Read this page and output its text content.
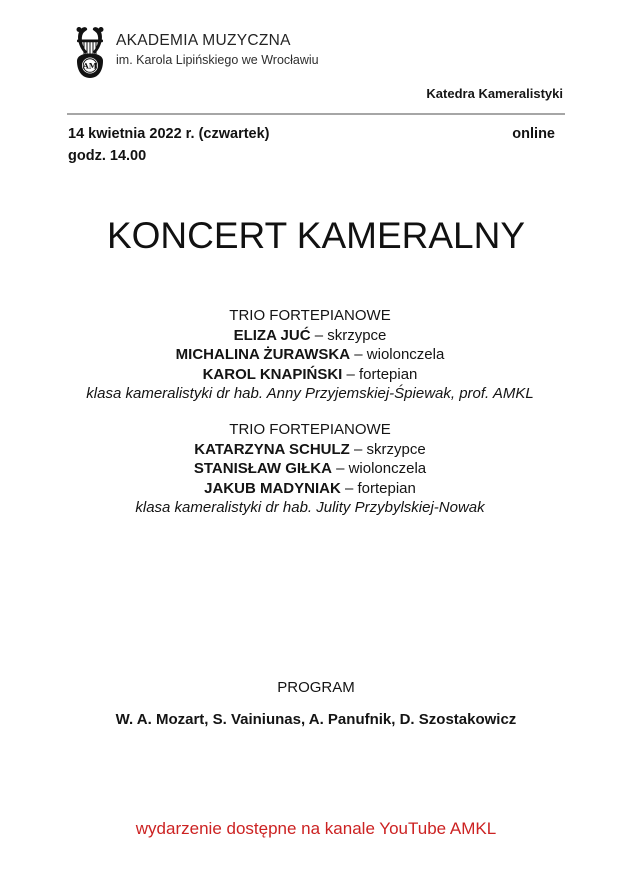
AM
AKADEMIA MUZYCZNA
im. Karola Lipińskiego we Wrocławiu
Katedra Kameralistyki
14 kwietnia 2022 r. (czwartek)	online
godz. 14.00
KONCERT KAMERALNY
TRIO FORTEPIANOWE
ELIZA JUĆ – skrzypce
MICHALINA ŻURAWSKA – wiolonczela
KAROL KNAPIŃSKI – fortepian
klasa kameralistyki dr hab. Anny Przyjemskiej-Śpiewak, prof. AMKL
TRIO FORTEPIANOWE
KATARZYNA SCHULZ – skrzypce
STANISŁAW GIŁKA – wiolonczela
JAKUB MADYNIAK – fortepian
klasa kameralistyki dr hab. Julity Przybylskiej-Nowak
PROGRAM
W. A. Mozart, S. Vainiunas, A. Panufnik, D. Szostakowicz
wydarzenie dostępne na kanale YouTube AMKL
